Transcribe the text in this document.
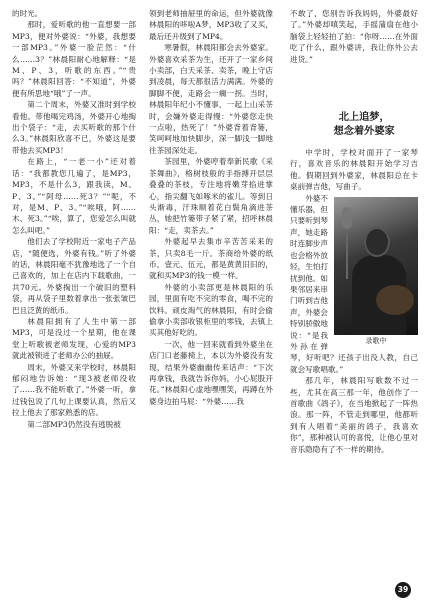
的时光。

那时，爱听歌的他一直想要一部MP3，便对外婆说：“外婆，我想要一部MP3。”外婆一脸茫然：“什么……3？”林晨阳耐心地解释：“是M、P、3，听歌的东西。”“贵吗？”林晨阳回答：“不知道”，外婆便有所思地“哦”了一声。

第二个周末，外婆又准时到学校看他。带他喝完鸡汤，外婆开心地掏出个袋子：“走，去买听歌的那个什么3。”林晨阳欣喜不已，外婆这是要带他去买MP3！

在路上，“一老一小”还对着话：“我都教您几遍了，是MP3，MP3，不是什么3，跟我读，M、P、3。”“阿母……死3？”“呢，不对，是M、P、3。”“唉哦，阿……木、死3。”“唉，算了，您爱怎么叫就怎么叫吧。”

他们去了学校附近一家电子产品店，“随便选，外婆有钱。”听了外婆的话，林晨阳毫不犹豫地选了一个自己喜欢的，加上在店内下载歌曲，一共70元。外婆掏出一个破旧的塑料袋，再从袋子里数着拿出一张张皱巴巴且泛黄的纸币。

林晨阳拥有了人生中第一部MP3，可是没过一个星期，他在课堂上听歌被老师发现，心爱的MP3就此被锁进了老师办公的抽屉。

周末，外婆又来学校时，林晨阳郁闷地告诉她：“现3被老师没收了……我不能听歌了。”外婆一听，拿过钱包说了几句上课要认真，然后又拉上他去了那家熟悉的店。

第二部MP3仍然没有逃脱被

领到老师抽屉里的命运，但外婆就像林晨阳的哆啦A梦，MP3收了又买，最后还升级到了MP4。

寒暑假，林晨阳都会去外婆家。外婆喜欢采茶为生，还开了一家乡间小卖部，白天采茶、卖茶，晚上守店到凌晨，每天都很活力满满。外婆的脚脚不便，走路会一瘸一拐。当时，林晨阳年纪小不懂事，一起上山采茶时，会嫌外婆走得慢：“外婆您走快一点啦，热死了！”外婆背着背篓，笑呵呵地加快脚步，深一脚浅一脚地往茶园深处走。

茶园里，外婆哼着奉新民歌《采茶舞曲》，格树枝般的手指搏开层层叠叠的茶枝，专注地将嫩芽掐进掌心，指尖翻飞如啄米的雀儿。等到日头渐毒，汗珠顺着花白鬓角滴进茶丛，她把竹篓带子紧了紧，招呼林晨阳：“走，卖茶去。”

外婆起早去集市辛苦苦采来的茶，只卖8毛一斤。茶商给外婆的纸币，壹元、伍元，都是黄黄旧旧的，就和买MP3的钱一模一样。

外婆的小卖部更是林晨阳的乐园，里面有吃不完的零食，喝不完的饮料。顽皮淘气的林晨阳，有时会偷偷拿小卖部收银柜里的零钱，去镇上买其他好吃的。

一次，他一回来就看到外婆坐在店门口老藤椅上，本以为外婆没有发现，结果外婆幽幽传来话声：“下次再拿钱，我就告诉你妈，小心屁股开花。”林晨阳心虚地嘿嘿笑，再蹲在外婆身边拍马屁：“外婆……我

不敢了，您别告诉我妈妈，外婆最好了。”外婆却嗔笑起，手摇蒲扇在他小脑袋上轻轻拍了拍：“你呀……在外面吃了什么，跟外婆讲，我让你外公去进货。”

北上追梦，

想念着外婆家

中学时，学校对面开了一家琴行，喜欢音乐的林晨阳开始学习吉他。假期回到外婆家，林晨阳总在卡桌前弹吉他，写曲子。

录歌中

外婆不懂乐器，但只要听到琴声，她走路时连脚步声也会格外放轻，生怕打扰到他。如果邻居来串门听到吉他声，外婆会特别骄傲地说：“是我外孙在弹琴，好听吧？还孩子出没人教，自己就会写歌唱歌。”

那几年，林晨阳写歌数不过一些，尤其在高三那一年，他创作了一首歌曲《鸽子》，在当地掀起了一阵热浪。那一阵，不管走到哪里，他都听到有人唱着“美丽的鸽子，我喜欢你”，那种被认可的喜悦，让他心里对音乐隐隐有了不一样的期待。

39
